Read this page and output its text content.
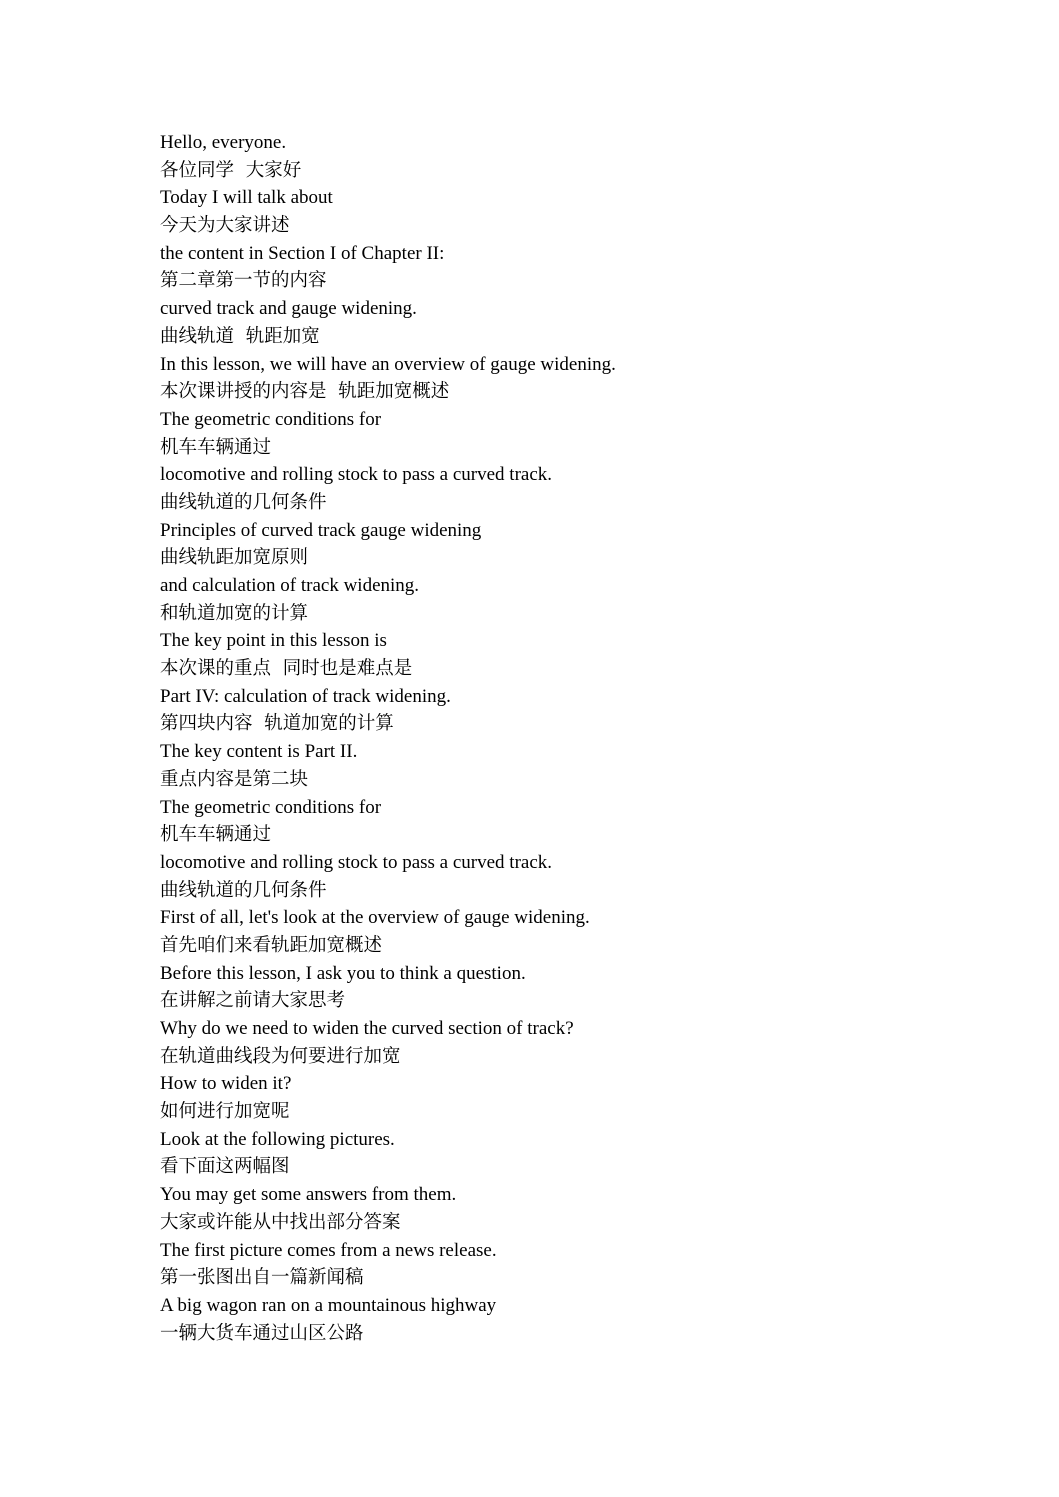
Hello, everyone.
各位同学  大家好
Today I will talk about
今天为大家讲述
the content in Section I of Chapter II:
第二章第一节的内容
curved track and gauge widening.
曲线轨道  轨距加宽
In this lesson, we will have an overview of gauge widening.
本次课讲授的内容是  轨距加宽概述
The geometric conditions for
机车车辆通过
locomotive and rolling stock to pass a curved track.
曲线轨道的几何条件
Principles of curved track gauge widening
曲线轨距加宽原则
and calculation of track widening.
和轨道加宽的计算
The key point in this lesson is
本次课的重点  同时也是难点是
Part IV: calculation of track widening.
第四块内容  轨道加宽的计算
The key content is Part II.
重点内容是第二块
The geometric conditions for
机车车辆通过
locomotive and rolling stock to pass a curved track.
曲线轨道的几何条件
First of all, let's look at the overview of gauge widening.
首先咱们来看轨距加宽概述
Before this lesson, I ask you to think a question.
在讲解之前请大家思考
Why do we need to widen the curved section of track?
在轨道曲线段为何要进行加宽
How to widen it?
如何进行加宽呢
Look at the following pictures.
看下面这两幅图
You may get some answers from them.
大家或许能从中找出部分答案
The first picture comes from a news release.
第一张图出自一篇新闻稿
A big wagon ran on a mountainous highway
一辆大货车通过山区公路
